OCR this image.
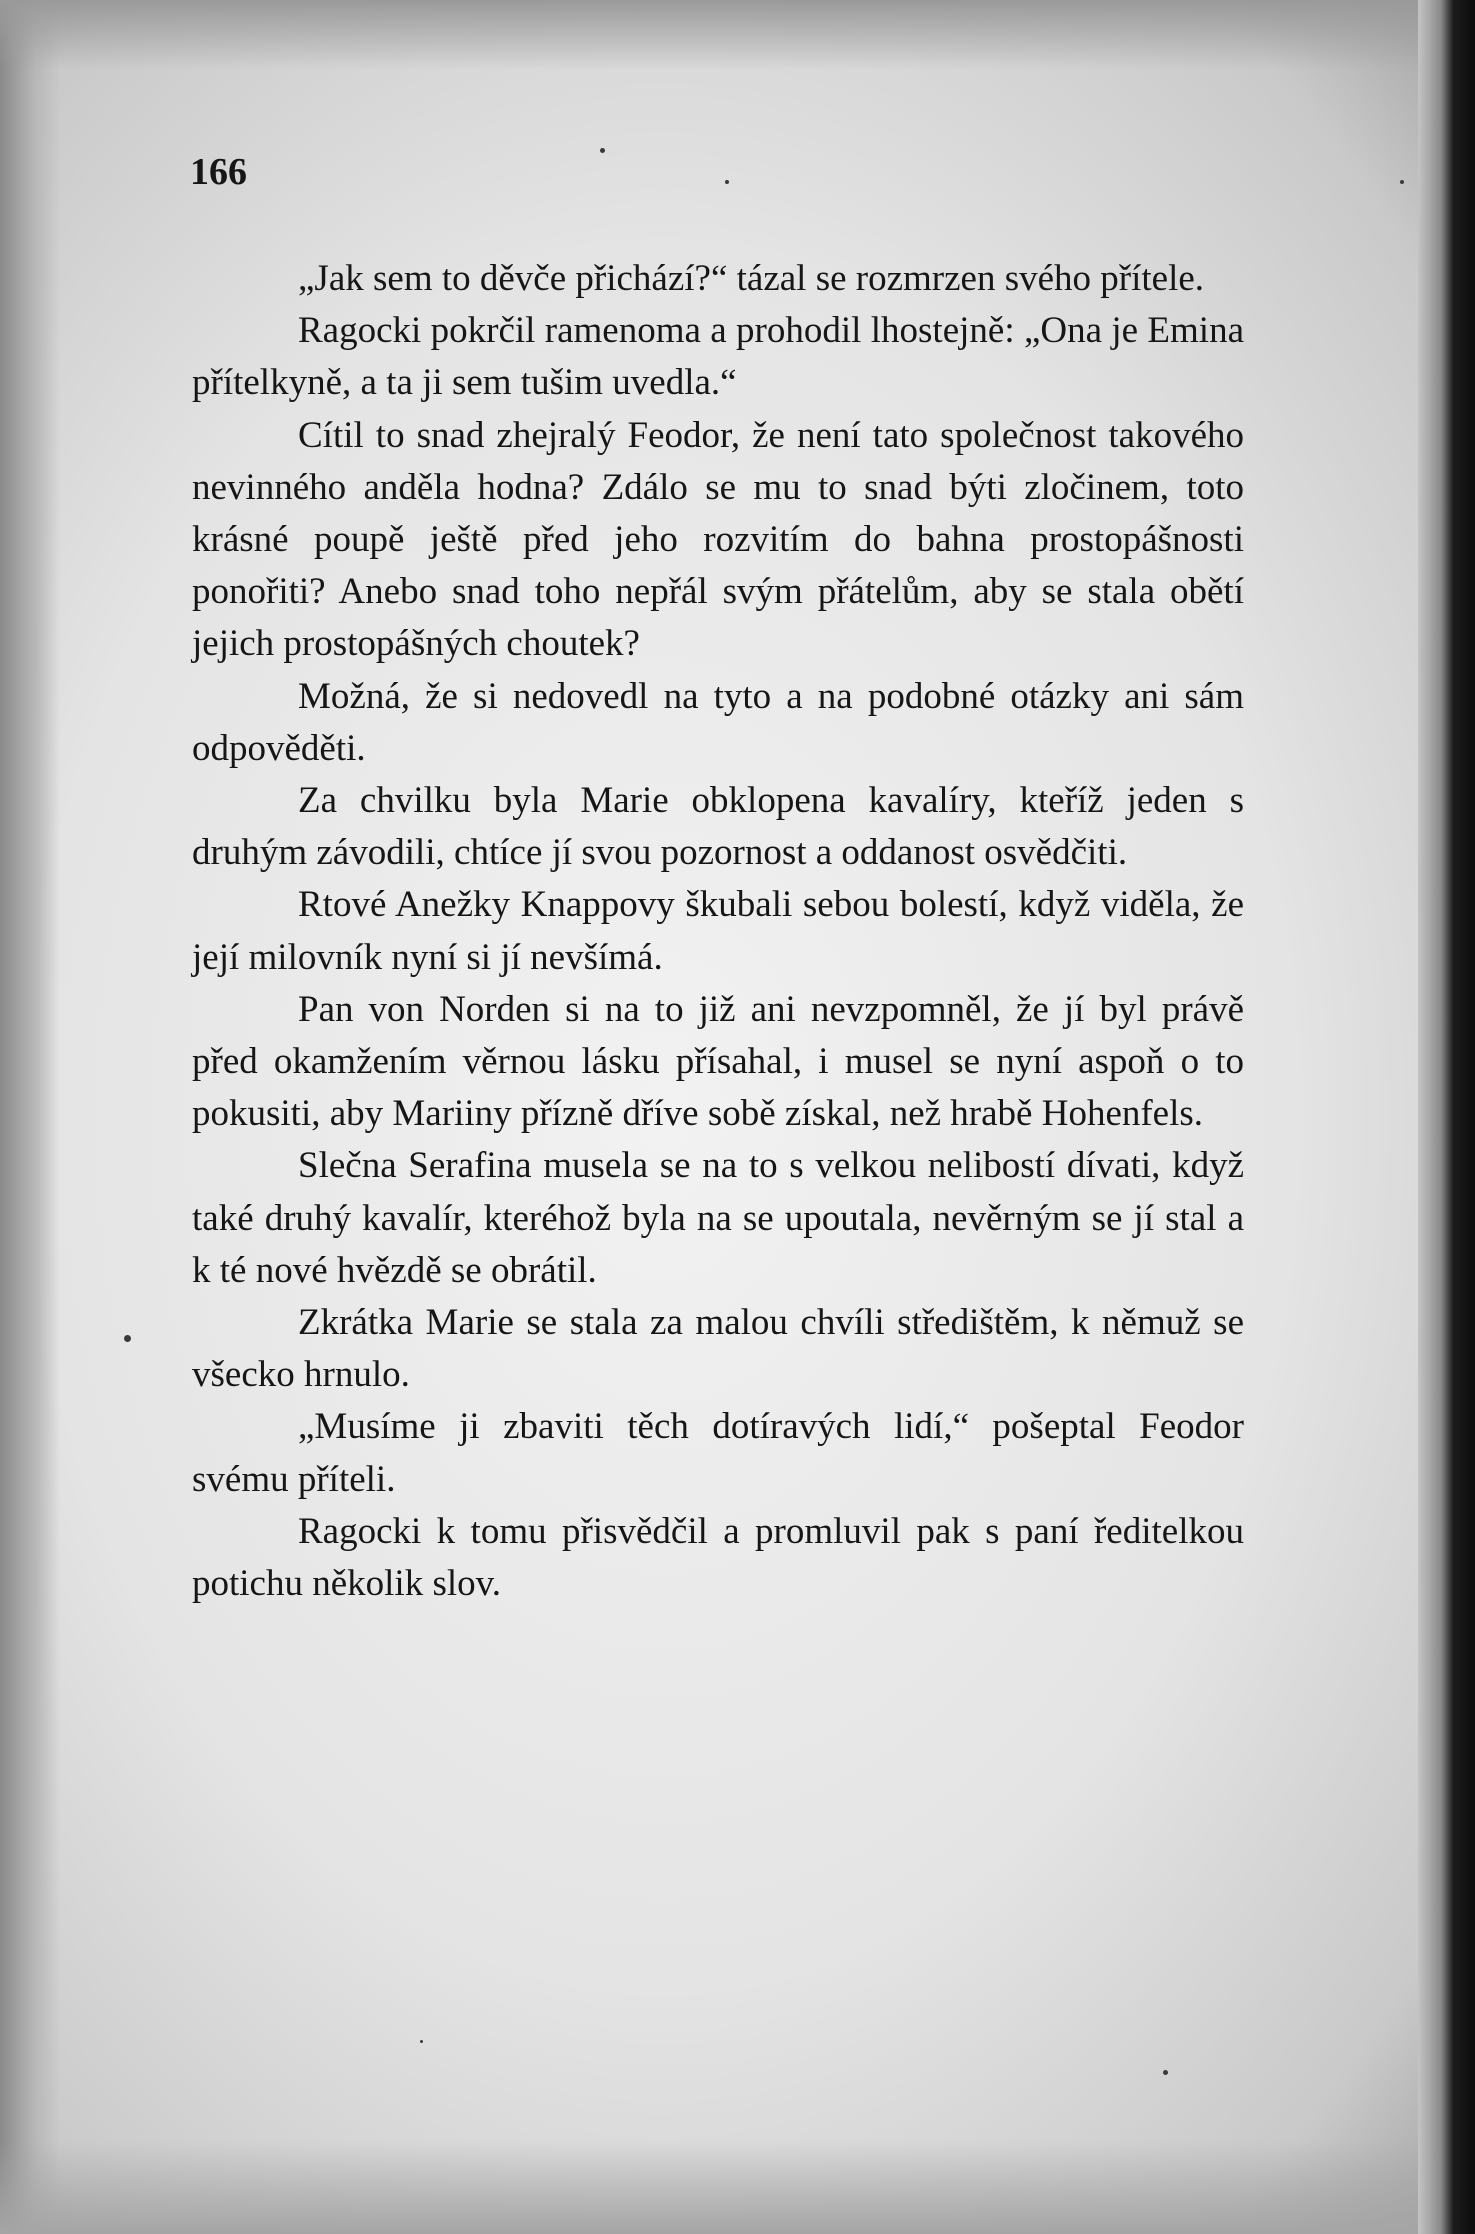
166

„Jak sem to děvče přichází?“ tázal se rozmrzen svého přítele.

Ragocki pokrčil ramenoma a prohodil lhostejně: „Ona je Emina přítelkyně, a ta ji sem tušim uvedla.“

Cítil to snad zhejralý Feodor, že není tato společnost takového nevinného anděla hodna? Zdálo se mu to snad býti zločinem, toto krásné poupě ještě před jeho rozvitím do bahna prostopášnosti ponořiti? Anebo snad toho nepřál svým přátelům, aby se stala obětí jejich prostopášných choutek?

Možná, že si nedovedl na tyto a na podobné otázky ani sám odpověděti.

Za chvilku byla Marie obklopena kavalíry, kteříž jeden s druhým závodili, chtíce jí svou pozornost a oddanost osvědčiti.

Rtové Anežky Knappovy škubali sebou bolestí, když viděla, že její milovník nyní si jí nevšímá.

Pan von Norden si na to již ani nevzpomněl, že jí byl právě před okamžením věrnou lásku přísahal, i musel se nyní aspoň o to pokusiti, aby Mariiny přízně dříve sobě získal, než hrabě Hohenfels.

Slečna Serafina musela se na to s velkou nelibostí dívati, když také druhý kavalír, kteréhož byla na se upoutala, nevěrným se jí stal a k té nové hvězdě se obrátil.

Zkrátka Marie se stala za malou chvíli středištěm, k němuž se všecko hrnulo.

„Musíme ji zbaviti těch dotíravých lidí,“ pošeptal Feodor svému příteli.

Ragocki k tomu přisvědčil a promluvil pak s paní ředitelkou potichu několik slov.
